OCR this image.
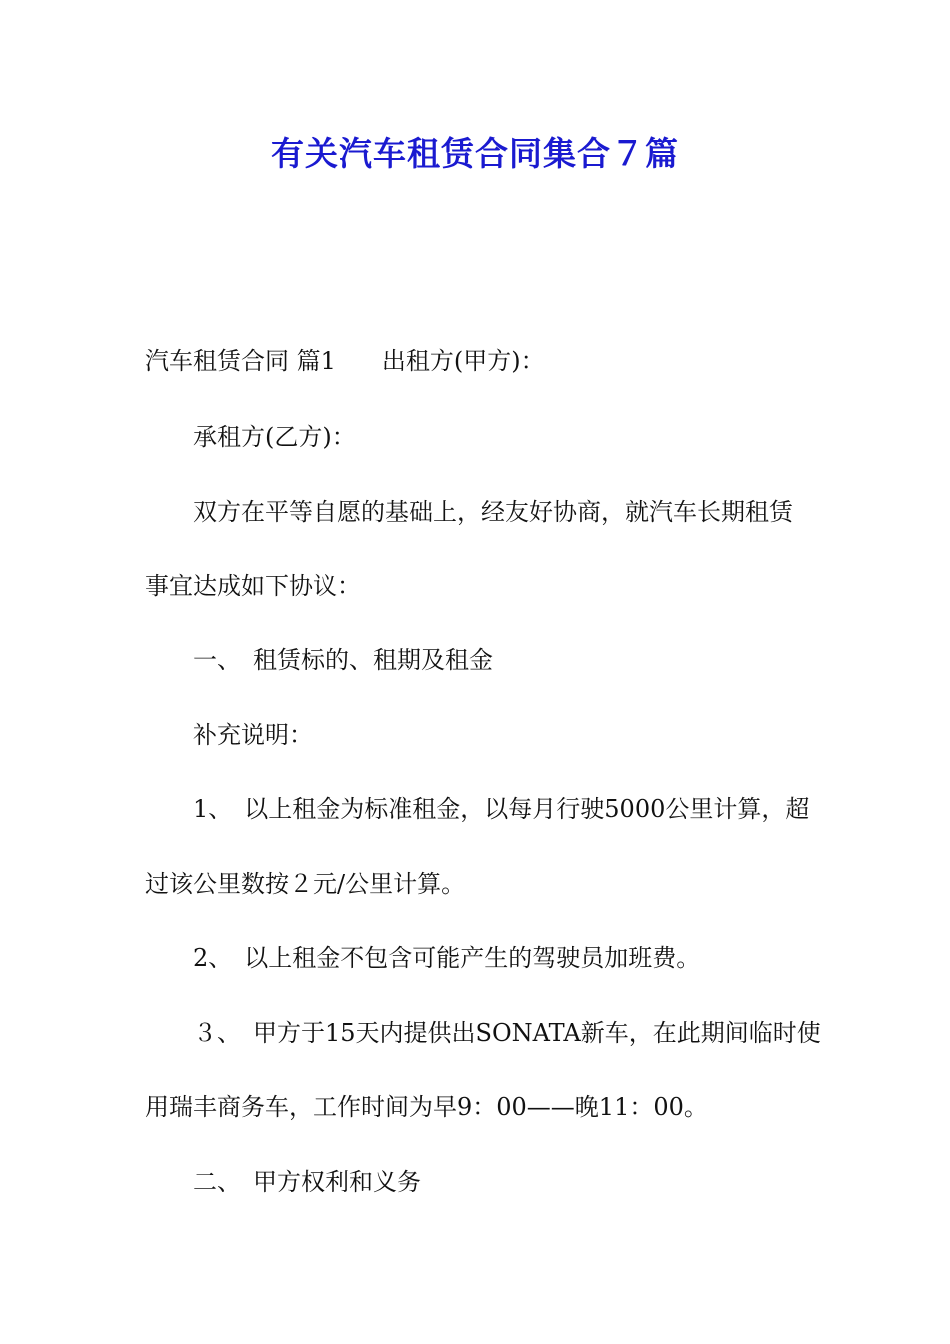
有关汽车租赁合同集合７篇
汽车租赁合同 篇1 出租方(甲方)：
承租方(乙方)：
双方在平等自愿的基础上，经友好协商，就汽车长期租赁
事宜达成如下协议：
一、 租赁标的、租期及租金
补充说明：
1、 以上租金为标准租金，以每月行驶5000公里计算，超
过该公里数按２元/公里计算。
2、 以上租金不包含可能产生的驾驶员加班费。
３、 甲方于15天内提供出SONATA新车，在此期间临时使
用瑞丰商务车，工作时间为早9：00——晚11：00。
二、 甲方权利和义务
